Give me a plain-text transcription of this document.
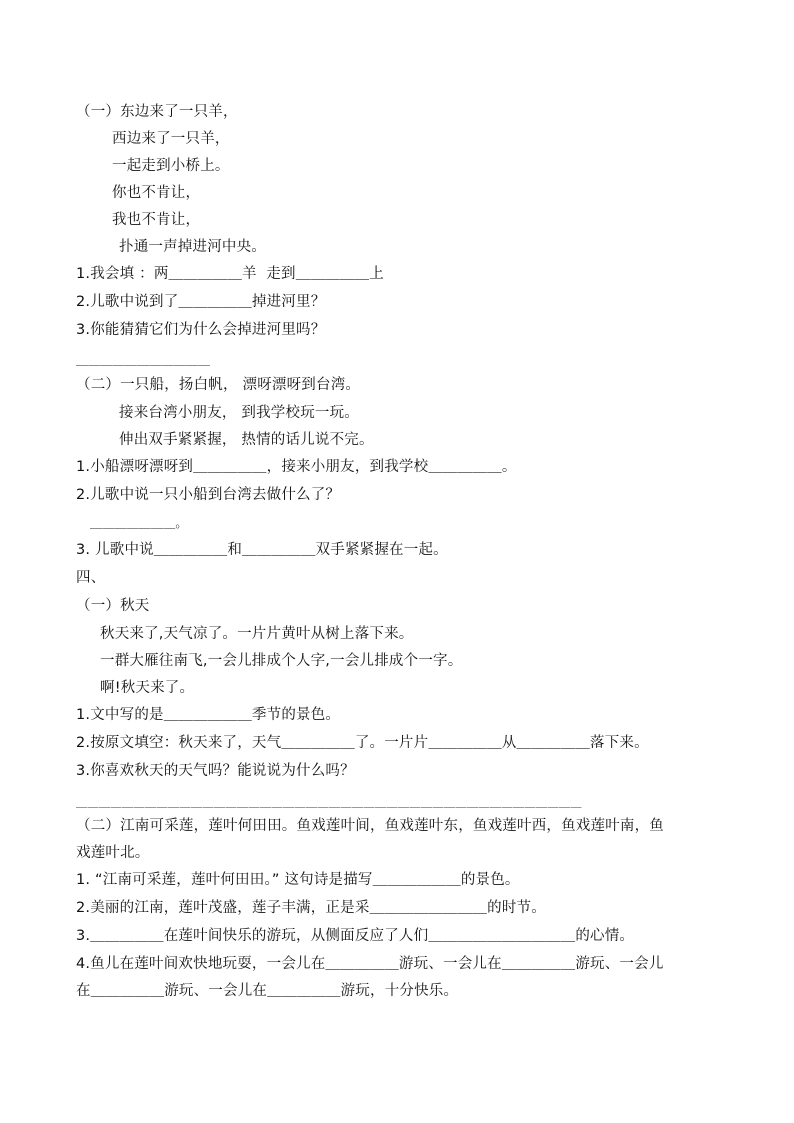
（一）东边来了一只羊，
西边来了一只羊，
一起走到小桥上。
你也不肯让，
我也不肯让，
扑通一声掉进河中央。
1.我会填 ：两＿＿＿＿＿羊  走到＿＿＿＿＿上
2.儿歌中说到了＿＿＿＿＿掉进河里？
3.你能猜猜它们为什么会掉进河里吗？
＿＿＿＿＿＿＿＿＿＿＿
（二）一只船，扬白帆， 漂呀漂呀到台湾。
接来台湾小朋友， 到我学校玩一玩。
伸出双手紧紧握， 热情的话儿说不完。
1.小船漂呀漂呀到＿＿＿＿＿，接来小朋友，到我学校＿＿＿＿＿。
2.儿歌中说一只小船到台湾去做什么了？
＿＿＿＿＿＿＿。
3. 儿歌中说＿＿＿＿＿和＿＿＿＿＿双手紧紧握在一起。
四、
（一）秋天
秋天来了,天气凉了。一片片黄叶从树上落下来。
一群大雁往南飞,一会儿排成个人字,一会儿排成个一字。
啊!秋天来了。
1.文中写的是＿＿＿＿＿＿季节的景色。
2.按原文填空：秋天来了，天气＿＿＿＿＿了。一片片＿＿＿＿＿从＿＿＿＿＿落下来。
3.你喜欢秋天的天气吗？能说说为什么吗？
＿＿＿＿＿＿＿＿＿＿＿＿＿＿＿＿＿＿＿＿＿＿＿＿＿＿＿＿＿＿＿＿＿＿＿＿＿＿＿＿＿＿＿＿
（二）江南可采莲，莲叶何田田。鱼戏莲叶间，鱼戏莲叶东，鱼戏莲叶西，鱼戏莲叶南，鱼
戏莲叶北。
1. “江南可采莲，莲叶何田田。” 这句诗是描写＿＿＿＿＿＿的景色。
2.美丽的江南，莲叶茂盛，莲子丰满，正是采＿＿＿＿＿＿＿＿的时节。
3.＿＿＿＿＿在莲叶间快乐的游玩，从侧面反应了人们＿＿＿＿＿＿＿＿＿＿的心情。
4.鱼儿在莲叶间欢快地玩耍，一会儿在＿＿＿＿＿游玩、一会儿在＿＿＿＿＿游玩、一会儿
在＿＿＿＿＿游玩、一会儿在＿＿＿＿＿游玩，十分快乐。
